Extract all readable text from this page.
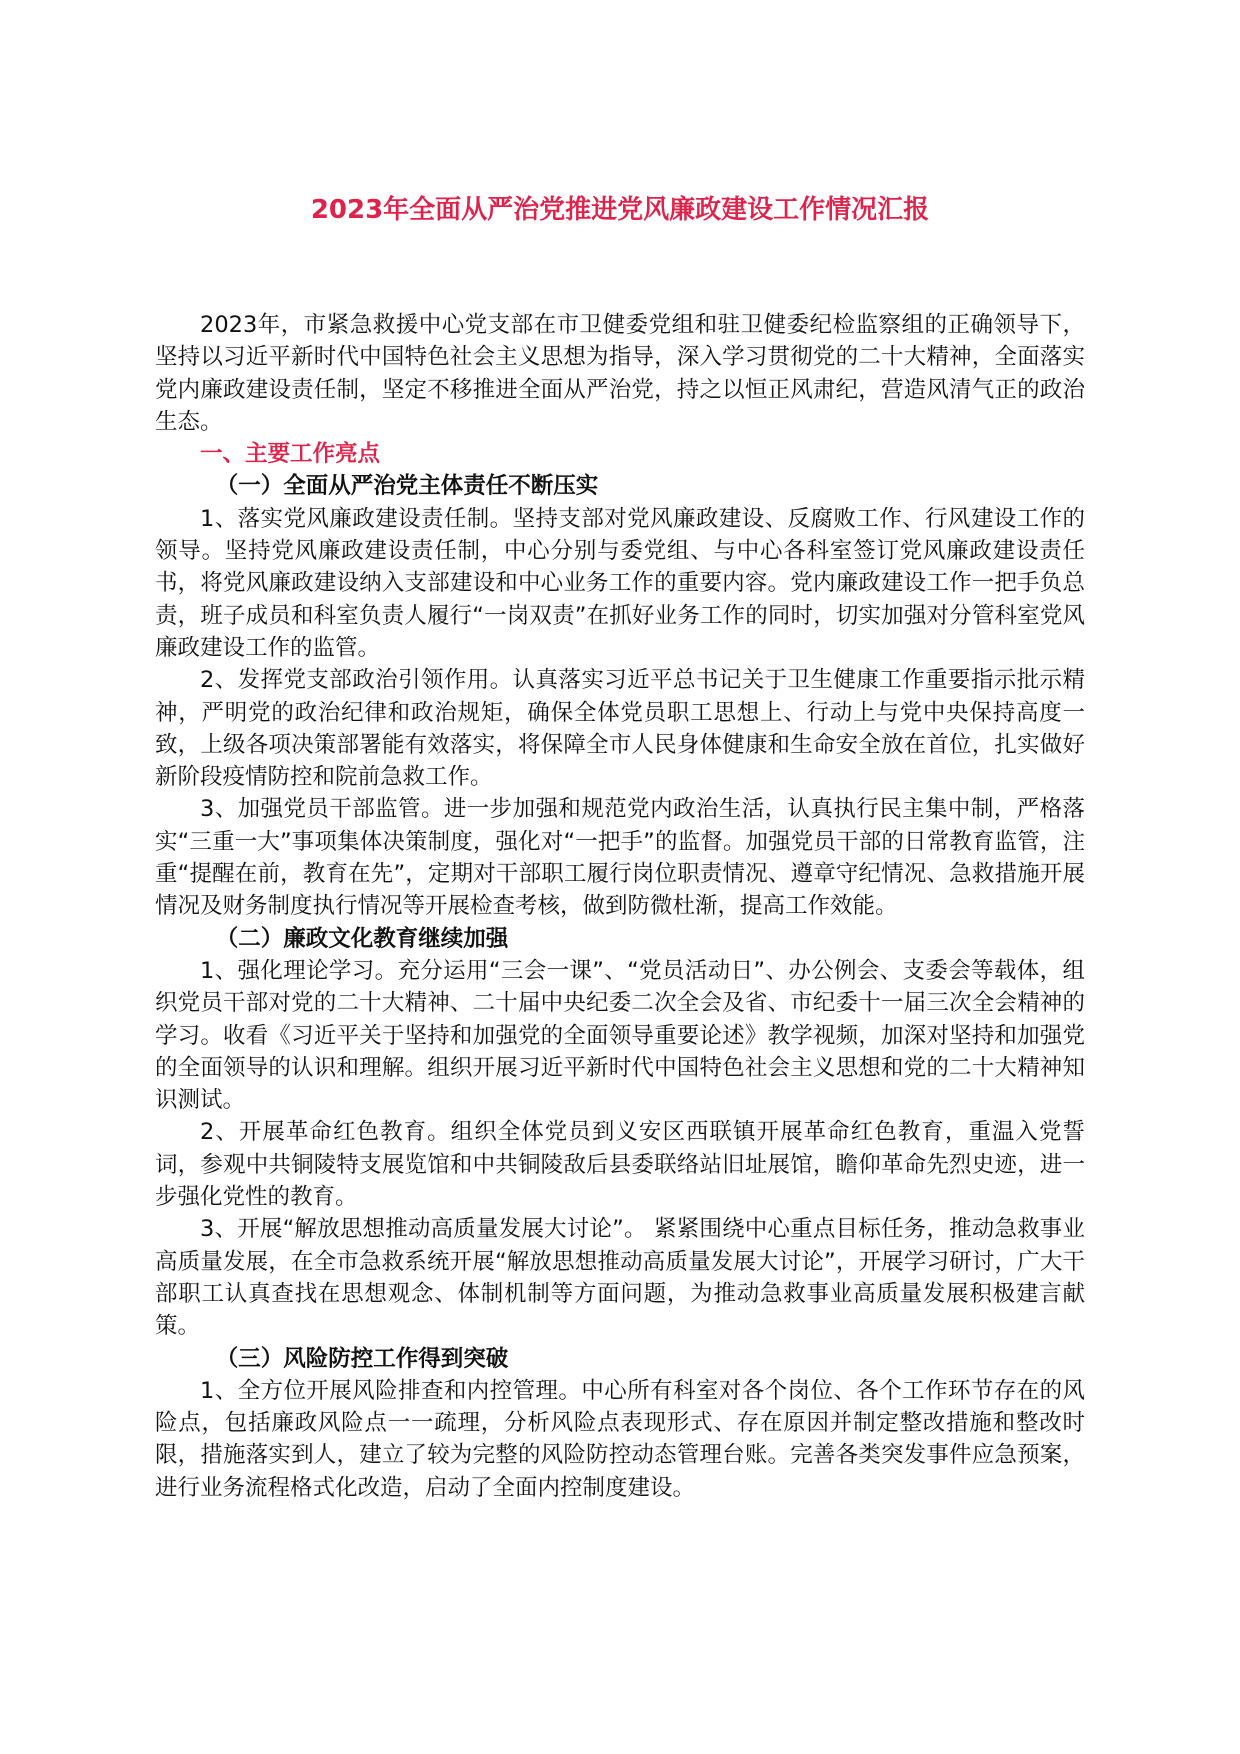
2023年全面从严治党推进党风廉政建设工作情况汇报

2023年，市紧急救援中心党支部在市卫健委党组和驻卫健委纪检监察组的正确领导下，坚持以习近平新时代中国特色社会主义思想为指导，深入学习贯彻党的二十大精神，全面落实党内廉政建设责任制，坚定不移推进全面从严治党，持之以恒正风肃纪，营造风清气正的政治生态。

一、主要工作亮点
（一）全面从严治党主体责任不断压实

1、落实党风廉政建设责任制。坚持支部对党风廉政建设、反腐败工作、行风建设工作的领导。坚持党风廉政建设责任制，中心分别与委党组、与中心各科室签订党风廉政建设责任书，将党风廉政建设纳入支部建设和中心业务工作的重要内容。党内廉政建设工作一把手负总责，班子成员和科室负责人履行“一岗双责”在抓好业务工作的同时，切实加强对分管科室党风廉政建设工作的监管。

2、发挥党支部政治引领作用。认真落实习近平总书记关于卫生健康工作重要指示批示精神，严明党的政治纪律和政治规矩，确保全体党员职工思想上、行动上与党中央保持高度一致，上级各项决策部署能有效落实，将保障全市人民身体健康和生命安全放在首位，扎实做好新阶段疫情防控和院前急救工作。

3、加强党员干部监管。进一步加强和规范党内政治生活，认真执行民主集中制，严格落实“三重一大”事项集体决策制度，强化对“一把手”的监督。加强党员干部的日常教育监管，注重“提醒在前，教育在先”，定期对干部职工履行岗位职责情况、遵章守纪情况、急救措施开展情况及财务制度执行情况等开展检查考核，做到防微杜渐，提高工作效能。

（二）廉政文化教育继续加强

1、强化理论学习。充分运用“三会一课”、“党员活动日”、办公例会、支委会等载体，组织党员干部对党的二十大精神、二十届中央纪委二次全会及省、市纪委十一届三次全会精神的学习。收看《习近平关于坚持和加强党的全面领导重要论述》教学视频，加深对坚持和加强党的全面领导的认识和理解。组织开展习近平新时代中国特色社会主义思想和党的二十大精神知识测试。

2、开展革命红色教育。组织全体党员到义安区西联镇开展革命红色教育，重温入党誓词，参观中共铜陵特支展览馆和中共铜陵敌后县委联络站旧址展馆，瞻仰革命先烈史迹，进一步强化党性的教育。

3、开展“解放思想推动高质量发展大讨论”。 紧紧围绕中心重点目标任务，推动急救事业高质量发展，在全市急救系统开展“解放思想推动高质量发展大讨论”，开展学习研讨，广大干部职工认真查找在思想观念、体制机制等方面问题，为推动急救事业高质量发展积极建言献策。

（三）风险防控工作得到突破

1、全方位开展风险排查和内控管理。中心所有科室对各个岗位、各个工作环节存在的风险点，包括廉政风险点一一疏理，分析风险点表现形式、存在原因并制定整改措施和整改时限，措施落实到人，建立了较为完整的风险防控动态管理台账。完善各类突发事件应急预案，进行业务流程格式化改造，启动了全面内控制度建设。
